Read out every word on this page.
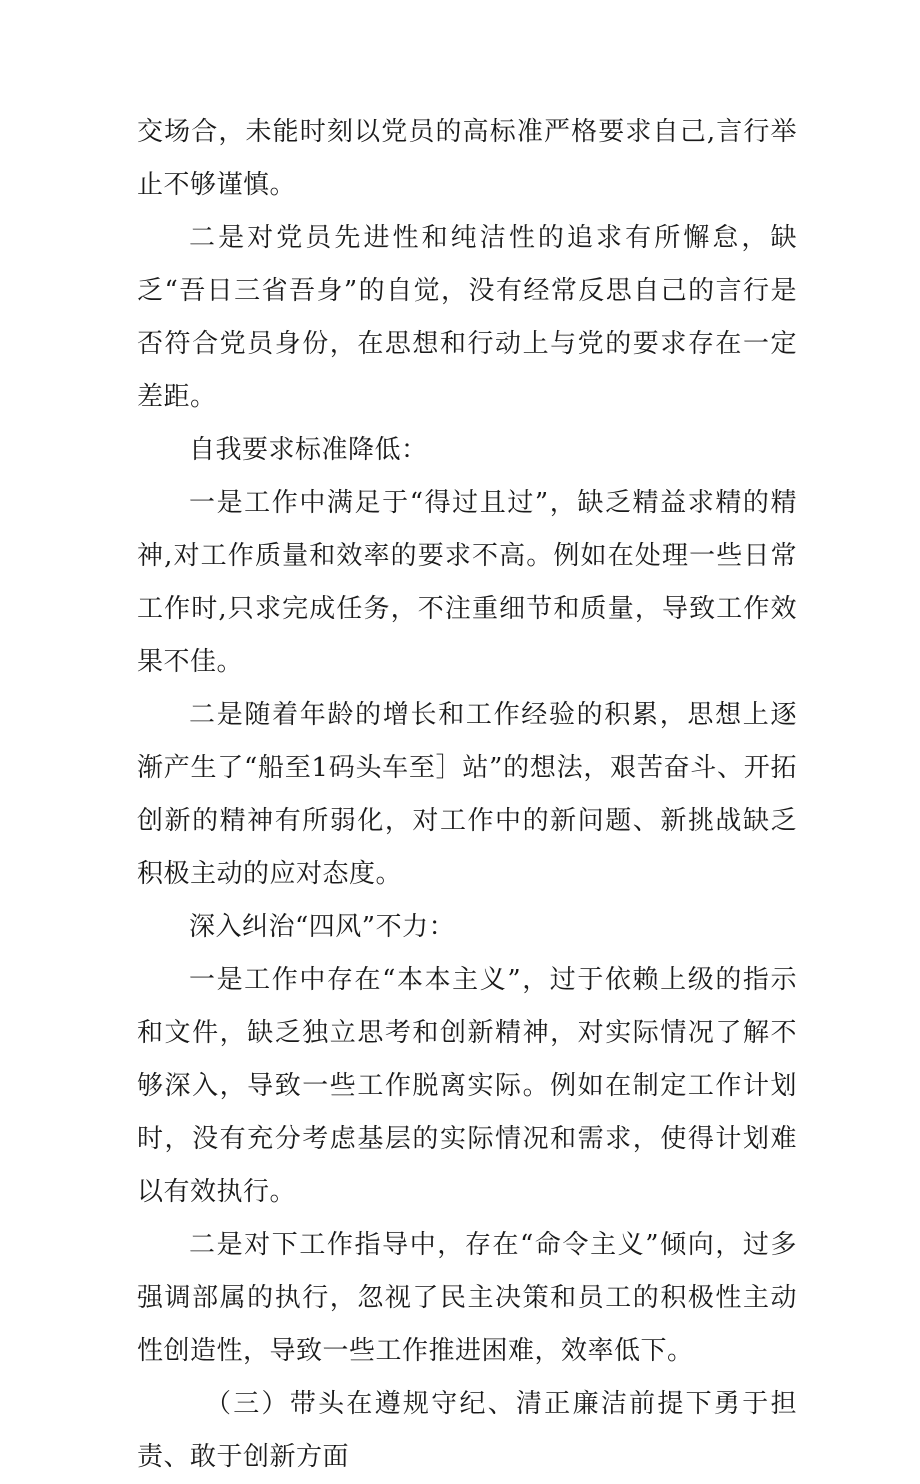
交场合，未能时刻以党员的高标准严格要求自己,言行举止不够谨慎。

二是对党员先进性和纯洁性的追求有所懈怠，缺乏“吾日三省吾身”的自觉，没有经常反思自己的言行是否符合党员身份，在思想和行动上与党的要求存在一定差距。

自我要求标准降低：

一是工作中满足于“得过且过”，缺乏精益求精的精神,对工作质量和效率的要求不高。例如在处理一些日常工作时,只求完成任务，不注重细节和质量，导致工作效果不佳。

二是随着年龄的增长和工作经验的积累，思想上逐渐产生了“船至1码头车至］站”的想法，艰苦奋斗、开拓创新的精神有所弱化，对工作中的新问题、新挑战缺乏积极主动的应对态度。

深入纠治“四风”不力：

一是工作中存在“本本主义”，过于依赖上级的指示和文件，缺乏独立思考和创新精神，对实际情况了解不够深入，导致一些工作脱离实际。例如在制定工作计划时，没有充分考虑基层的实际情况和需求，使得计划难以有效执行。

二是对下工作指导中，存在“命令主义”倾向，过多强调部属的执行，忽视了民主决策和员工的积极性主动性创造性，导致一些工作推进困难，效率低下。

（三）带头在遵规守纪、清正廉洁前提下勇于担责、敢于创新方面
